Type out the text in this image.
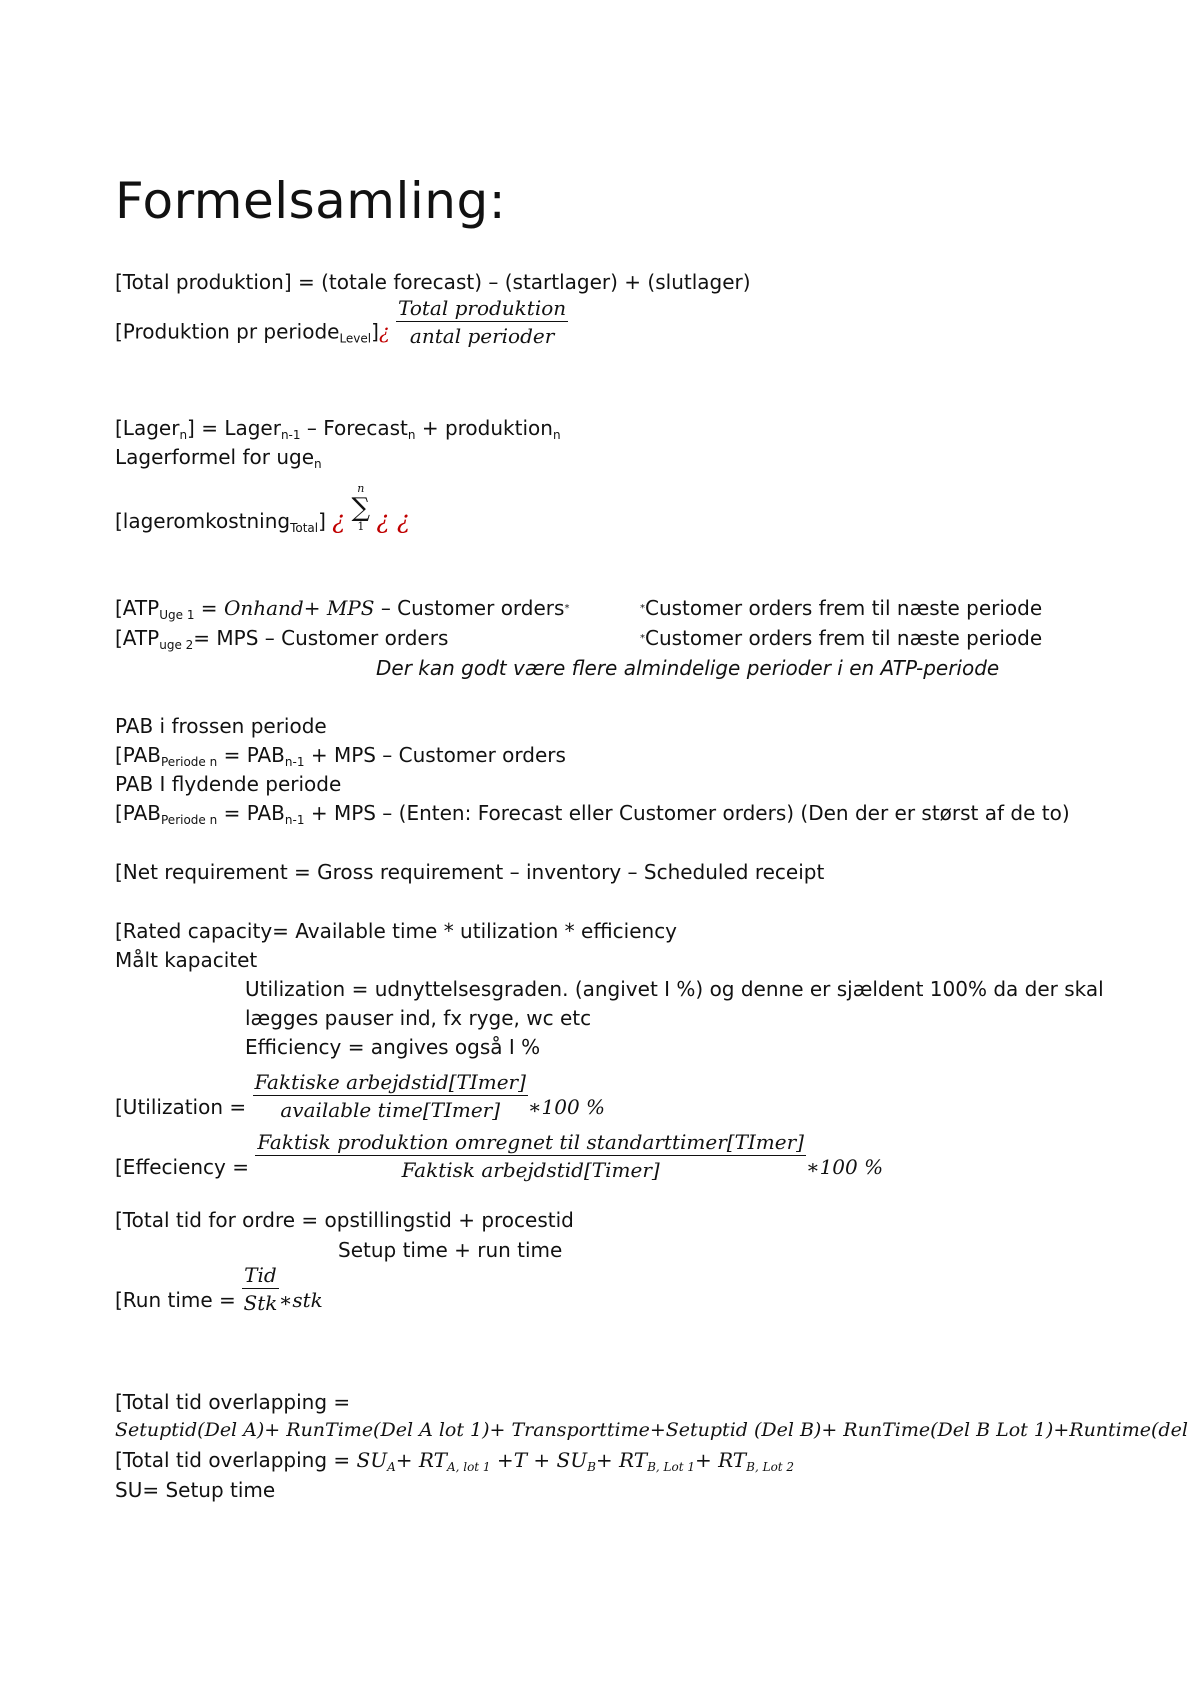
Formelsamling:
[Total produktion] = (totale forecast) – (startlager) + (slutlager)
[Produktion pr periode$_{Level}$]¿ $\frac{\text{Total produktion}}{\text{antal perioder}}$
[Lager$_n$] = Lager$_{n-1}$ – Forecast$_n$ + produktion$_n$
Lagerformel for uge$_n$
[lageromkostning$_{Total}$] ¿
n
∑
1 ¿ ¿
[$ATP_{Uge 1}$ = Onhand+ MPS – Customer orders*	*Customer orders frem til næste periode
[$ATP_{uge 2}=$ MPS – Customer orders	*Customer orders frem til næste periode
Der kan godt være flere almindelige perioder i en ATP-periode
PAB i frossen periode
[$PAB_{Periode n} = PAB_{n-1}$ + MPS – Customer orders
PAB I flydende periode
[$PAB_{Periode n} = PAB_{n-1}$ + MPS – (Enten: Forecast eller Customer orders) (Den der er størst af de to)
[Net requirement = Gross requirement – inventory – Scheduled receipt
[Rated capacity= Available time * utilization * efficiency
Målt kapacitet
Utilization = udnyttelsesgraden. (angivet I %) og denne er sjældent 100% da der skal
lægges pauser ind, fx ryge, wc etc
Efficiency = angives også I %
[Utilization = $\frac{\text{Faktiske arbejdstid[TImer]}}{\text{available time[TImer]}}$ ∗100 %
[Effeciency = $\frac{\text{Faktisk produktion omregnet til standarttimer[TImer]}}{\text{Faktisk arbejdstid[Timer]}}$ ∗100 %
[Total tid for ordre = opstillingstid + procestid
Setup time + run time
[Run time = $\frac{\text{Tid}}{\text{Stk}}$ ∗stk
[Total tid overlapping =
Setuptid(Del A)+ RunTime(Del A lot 1)+ Transporttime+Setuptid (Del B)+ RunTime(Del B Lot 1)+Runtime(del
[Total tid overlapping = $SU_A+ RT_{A, lot 1} +T + SU_B+ RT_{B, Lot 1}+ RT_{B, Lot 2}$
SU= Setup time
